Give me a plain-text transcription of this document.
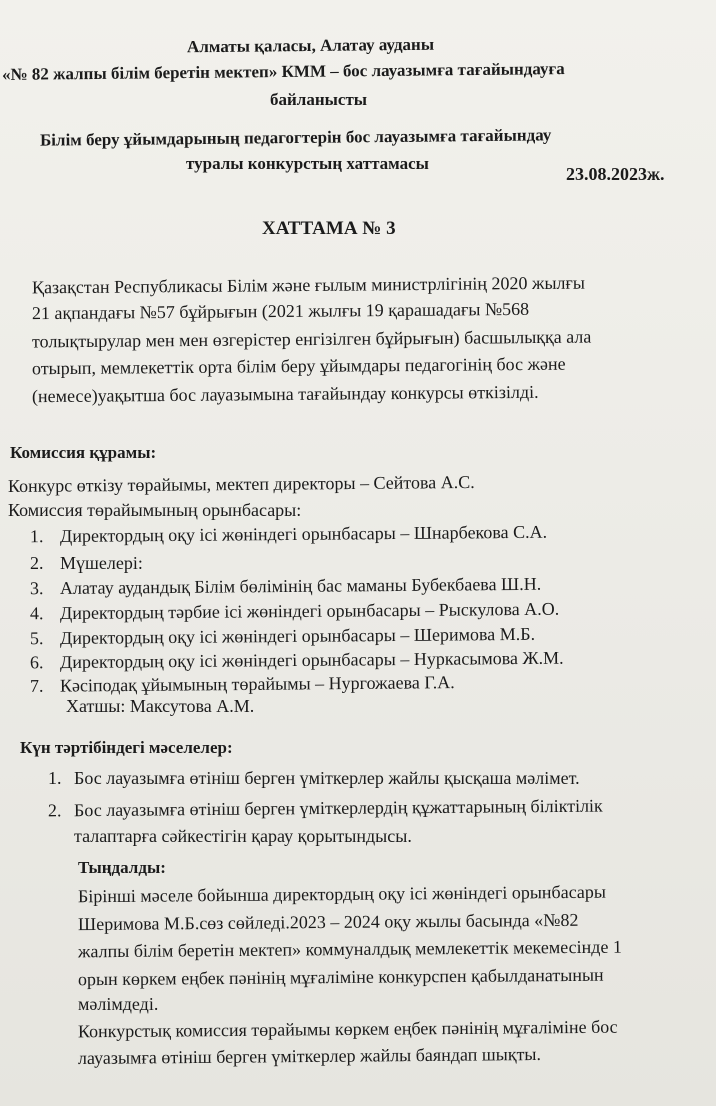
Алматы қаласы, Алатау ауданы
«№ 82 жалпы білім беретін мектеп» КММ – бос лауазымға тағайындауға
байланысты
Білім беру ұйымдарының педагогтерін бос лауазымға тағайындау
туралы конкурстың хаттамасы
23.08.2023ж.
ХАТТАМА № 3
Қазақстан Республикасы Білім және ғылым министрлігінің 2020 жылғы
21 ақпандағы №57 бұйрығын (2021 жылғы 19 қарашадағы №568
толықтырулар мен мен өзгерістер енгізілген бұйрығын) басшылыққа ала
отырып, мемлекеттік орта білім беру ұйымдары педагогінің бос және
(немесе)уақытша бос лауазымына тағайындау конкурсы өткізілді.
Комиссия құрамы:
Конкурс өткізу төрайымы, мектеп директоры – Сейтова А.С.
Комиссия төрайымының орынбасары:
1. Директордың оқу ісі жөніндегі орынбасары – Шнарбекова С.А.
2. Мүшелері:
3. Алатау аудандық Білім бөлімінің бас маманы Бубекбаева Ш.Н.
4. Директордың тәрбие ісі жөніндегі орынбасары – Рыскулова А.О.
5. Директордың оқу ісі жөніндегі орынбасары – Шеримова М.Б.
6. Директордың оқу ісі жөніндегі орынбасары – Нуркасымова Ж.М.
7. Кәсіподақ ұйымының төрайымы – Нургожаева Г.А.
Хатшы: Максутова А.М.
Күн тәртібіндегі мәселелер:
1. Бос лауазымға өтініш берген үміткерлер жайлы қысқаша мәлімет.
2. Бос лауазымға өтініш берген үміткерлердің құжаттарының біліктілік
талаптарға сәйкестігін қарау қорытындысы.
Тыңдалды:
Бірінші мәселе бойынша директордың оқу ісі жөніндегі орынбасары
Шеримова М.Б.сөз сөйледі.2023 – 2024 оқу жылы басында «№82
жалпы білім беретін мектеп» коммуналдық мемлекеттік мекемесінде 1
орын көркем еңбек пәнінің мұғаліміне конкурспен қабылданатынын
мәлімдеді.
Конкурстық комиссия төрайымы көркем еңбек пәнінің мұғаліміне бос
лауазымға өтініш берген үміткерлер жайлы баяндап шықты.
